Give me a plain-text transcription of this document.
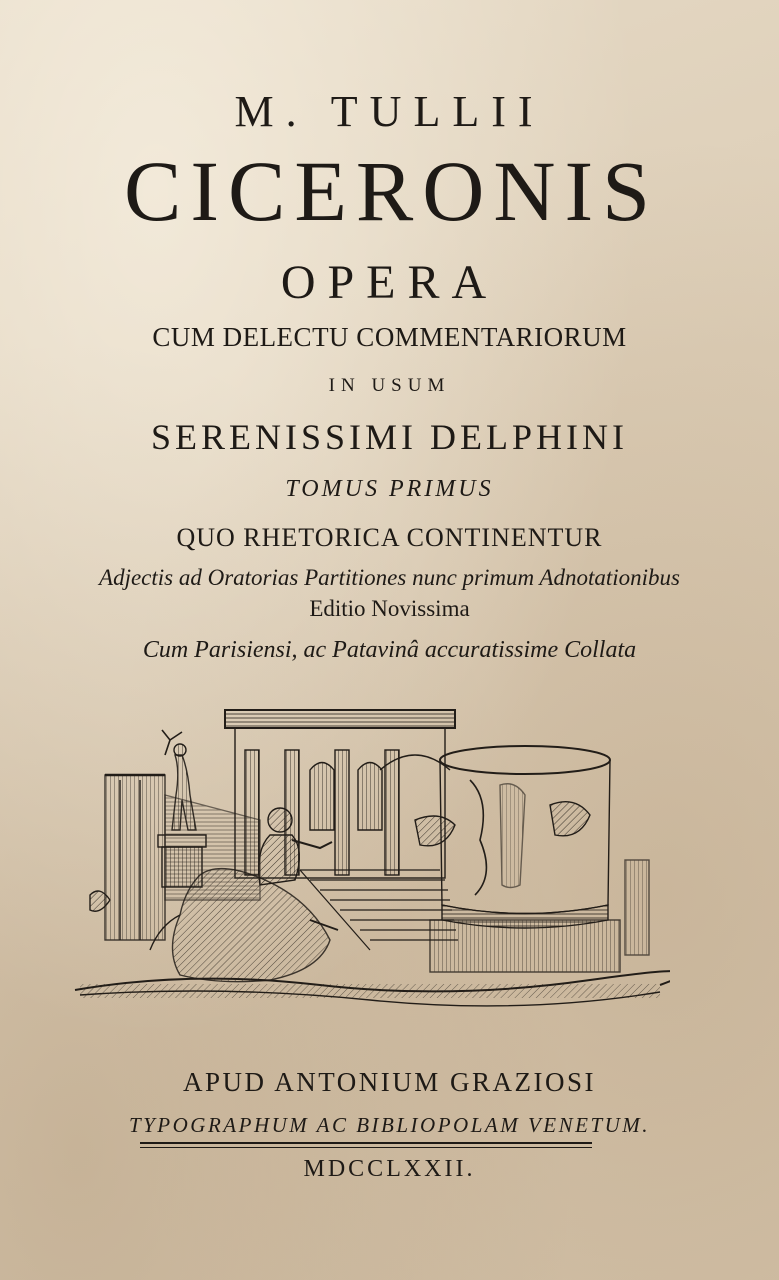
M. TULLII
CICERONIS
OPERA
CUM DELECTU COMMENTARIORUM
IN USUM
SERENISSIMI DELPHINI
TOMUS PRIMUS
QUO RHETORICA CONTINENTUR
Adjectis ad Oratorias Partitiones nunc primum Adnotationibus
Editio Novissima
Cum Parisiensi, ac Patavinâ accuratissime Collata
APUD ANTONIUM GRAZIOSI
TYPOGRAPHUM AC BIBLIOPOLAM VENETUM.
MDCCLXXII.
